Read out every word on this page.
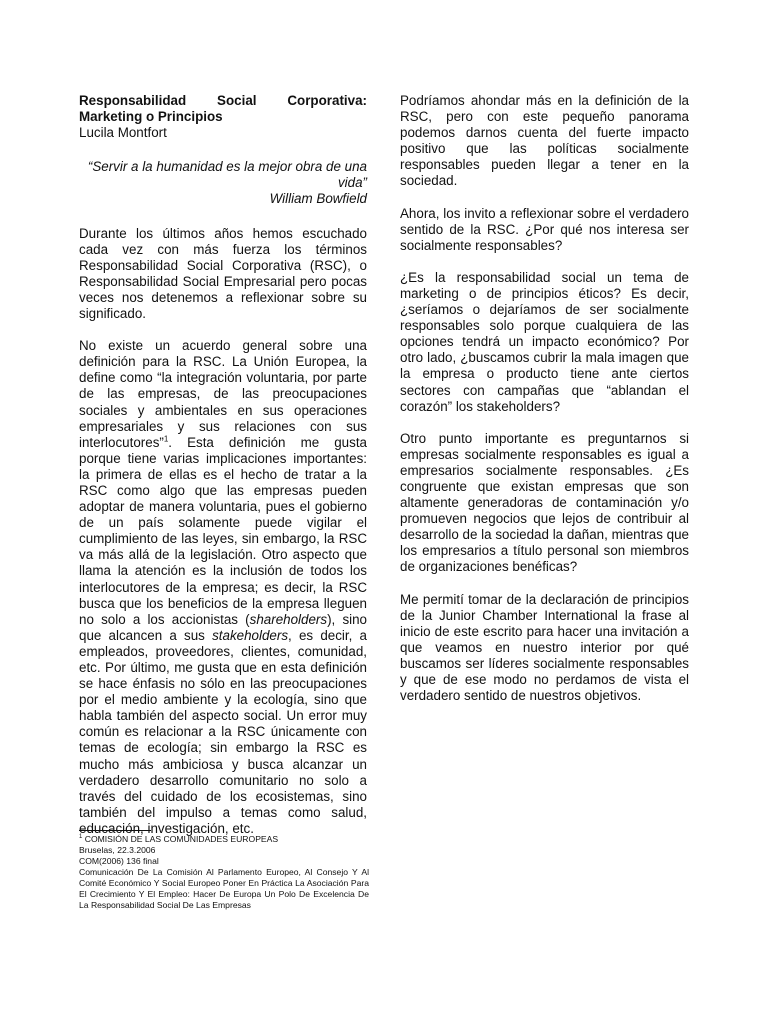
Responsabilidad Social Corporativa: Marketing o Principios
Lucila Montfort
“Servir a la humanidad es la mejor obra de una vida”
William Bowfield

Durante los últimos años hemos escuchado cada vez con más fuerza los términos Responsabilidad Social Corporativa (RSC), o Responsabilidad Social Empresarial pero pocas veces nos detenemos a reflexionar sobre su significado.

No existe un acuerdo general sobre una definición para la RSC. La Unión Europea, la define como “la integración voluntaria, por parte de las empresas, de las preocupaciones sociales y ambientales en sus operaciones empresariales y sus relaciones con sus interlocutores”$^1$. Esta definición me gusta porque tiene varias implicaciones importantes: la primera de ellas es el hecho de tratar a la RSC como algo que las empresas pueden adoptar de manera voluntaria, pues el gobierno de un país solamente puede vigilar el cumplimiento de las leyes, sin embargo, la RSC va más allá de la legislación. Otro aspecto que llama la atención es la inclusión de todos los interlocutores de la empresa; es decir, la RSC busca que los beneficios de la empresa lleguen no solo a los accionistas (shareholders), sino que alcancen a sus stakeholders, es decir, a empleados, proveedores, clientes, comunidad, etc. Por último, me gusta que en esta definición se hace énfasis no sólo en las preocupaciones por el medio ambiente y la ecología, sino que habla también del aspecto social. Un error muy común es relacionar a la RSC únicamente con temas de ecología; sin embargo la RSC es mucho más ambiciosa y busca alcanzar un verdadero desarrollo comunitario no solo a través del cuidado de los ecosistemas, sino también del impulso a temas como salud, educación, investigación, etc.

Podríamos ahondar más en la definición de la RSC, pero con este pequeño panorama podemos darnos cuenta del fuerte impacto positivo que las políticas socialmente responsables pueden llegar a tener en la sociedad.

Ahora, los invito a reflexionar sobre el verdadero sentido de la RSC. ¿Por qué nos interesa ser socialmente responsables?

¿Es la responsabilidad social un tema de marketing o de principios éticos? Es decir, ¿seríamos o dejaríamos de ser socialmente responsables solo porque cualquiera de las opciones tendrá un impacto económico? Por otro lado, ¿buscamos cubrir la mala imagen que la empresa o producto tiene ante ciertos sectores con campañas que “ablandan el corazón” los stakeholders?

Otro punto importante es preguntarnos si empresas socialmente responsables es igual a empresarios socialmente responsables. ¿Es congruente que existan empresas que son altamente generadoras de contaminación y/o promueven negocios que lejos de contribuir al desarrollo de la sociedad la dañan, mientras que los empresarios a título personal son miembros de organizaciones benéficas?

Me permití tomar de la declaración de principios de la Junior Chamber International la frase al inicio de este escrito para hacer una invitación a que veamos en nuestro interior por qué buscamos ser líderes socialmente responsables y que de ese modo no perdamos de vista el verdadero sentido de nuestros objetivos.

$^1$ COMISIÓN DE LAS COMUNIDADES EUROPEAS
Bruselas, 22.3.2006
COM(2006) 136 final
Comunicación De La Comisión Al Parlamento Europeo, Al Consejo Y Al Comité Económico Y Social Europeo Poner En Práctica La Asociación Para El Crecimiento Y El Empleo: Hacer De Europa Un Polo De Excelencia De La Responsabilidad Social De Las Empresas
